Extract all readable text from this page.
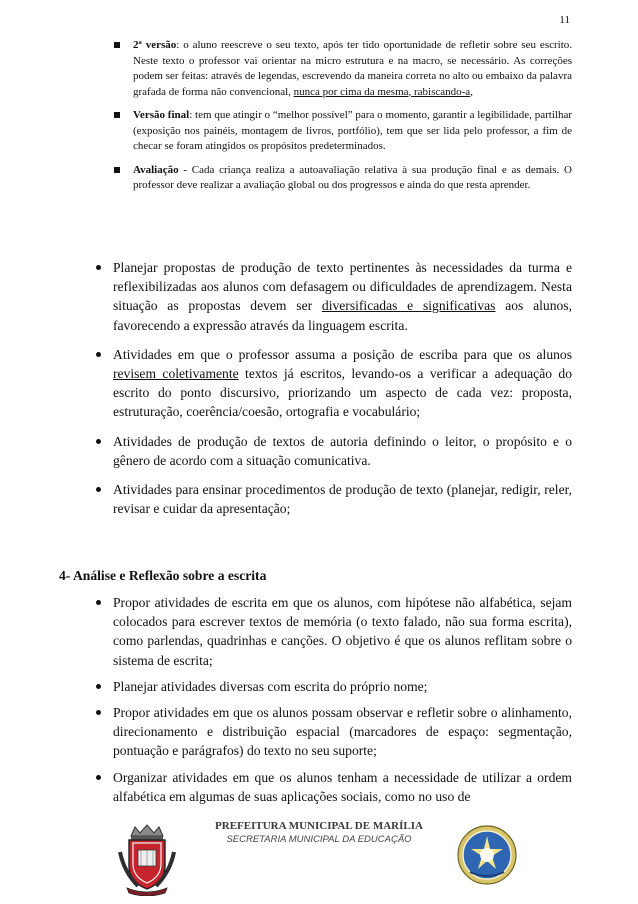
11
2ª versão: o aluno reescreve o seu texto, após ter tido oportunidade de refletir sobre seu escrito. Neste texto o professor vai orientar na micro estrutura e na macro, se necessário. As correções podem ser feitas: através de legendas, escrevendo da maneira correta no alto ou embaixo da palavra grafada de forma não convencional, nunca por cima da mesma, rabiscando-a,
Versão final: tem que atingir o “melhor possível” para o momento, garantir a legibilidade, partilhar (exposição nos painéis, montagem de livros, portfólio), tem que ser lida pelo professor, a fim de checar se foram atingidos os propósitos predeterminados.
Avaliação - Cada criança realiza a autoavaliação relativa à sua produção final e as demais. O professor deve realizar a avaliação global ou dos progressos e ainda do que resta aprender.
Planejar propostas de produção de texto pertinentes às necessidades da turma e reflexibilizadas aos alunos com defasagem ou dificuldades de aprendizagem. Nesta situação as propostas devem ser diversificadas e significativas aos alunos, favorecendo a expressão através da linguagem escrita.
Atividades em que o professor assuma a posição de escriba para que os alunos revisem coletivamente textos já escritos, levando-os a verificar a adequação do escrito do ponto discursivo, priorizando um aspecto de cada vez: proposta, estruturação, coerência/coesão, ortografia e vocabulário;
Atividades de produção de textos de autoria definindo o leitor, o propósito e o gênero de acordo com a situação comunicativa.
Atividades para ensinar procedimentos de produção de texto (planejar, redigir, reler, revisar e cuidar da apresentação;
4- Análise e Reflexão sobre a escrita
Propor atividades de escrita em que os alunos, com hipótese não alfabética, sejam colocados para escrever textos de memória (o texto falado, não sua forma escrita), como parlendas, quadrinhas e canções. O objetivo é que os alunos reflitam sobre o sistema de escrita;
Planejar atividades diversas com escrita do próprio nome;
Propor atividades em que os alunos possam observar e refletir sobre o alinhamento, direcionamento e distribuição espacial (marcadores de espaço: segmentação, pontuação e parágrafos) do texto no seu suporte;
Organizar atividades em que os alunos tenham a necessidade de utilizar a ordem alfabética em algumas de suas aplicações sociais, como no uso de
PREFEITURA MUNICIPAL DE MARÍLIA
SECRETARIA MUNICIPAL DA EDUCAÇÃO
